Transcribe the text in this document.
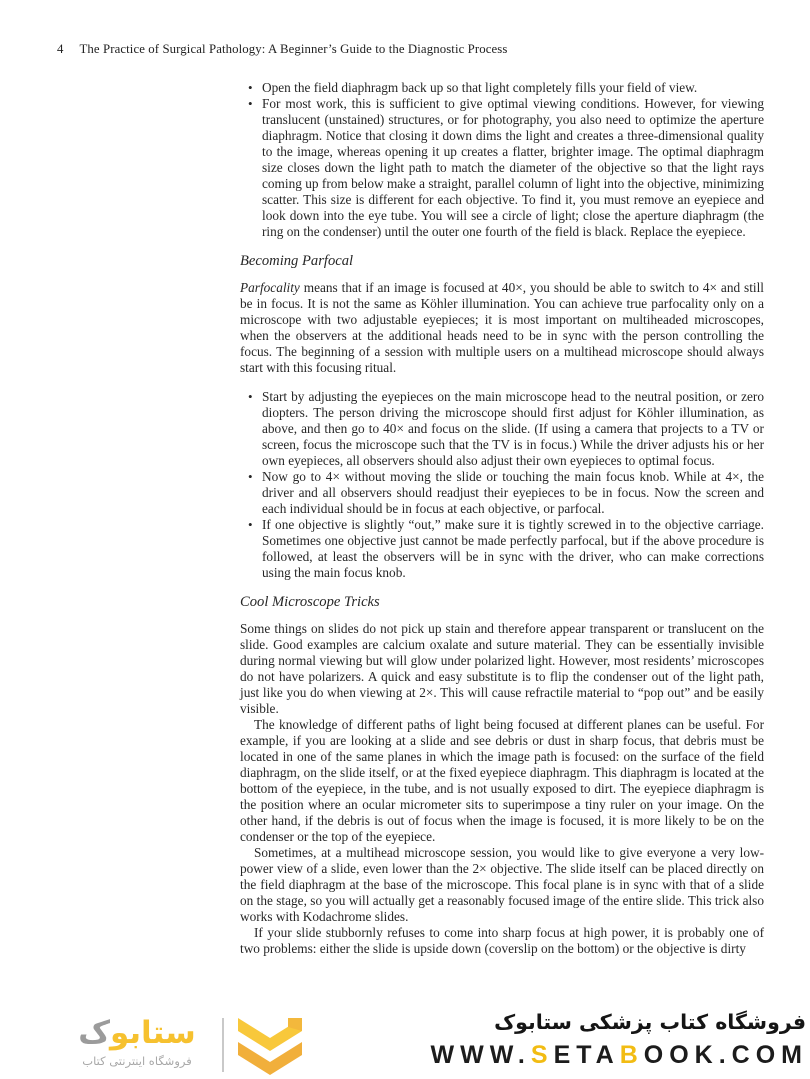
4 The Practice of Surgical Pathology: A Beginner’s Guide to the Diagnostic Process
• Open the field diaphragm back up so that light completely fills your field of view.
• For most work, this is sufficient to give optimal viewing conditions. However, for viewing translucent (unstained) structures, or for photography, you also need to optimize the aperture diaphragm. Notice that closing it down dims the light and creates a three-dimensional quality to the image, whereas opening it up creates a flatter, brighter image. The optimal diaphragm size closes down the light path to match the diameter of the objective so that the light rays coming up from below make a straight, parallel column of light into the objective, minimizing scatter. This size is different for each objective. To find it, you must remove an eyepiece and look down into the eye tube. You will see a circle of light; close the aperture diaphragm (the ring on the condenser) until the outer one fourth of the field is black. Replace the eyepiece.
Becoming Parfocal

Parfocality means that if an image is focused at 40×, you should be able to switch to 4× and still be in focus. It is not the same as Köhler illumination. You can achieve true parfocality only on a microscope with two adjustable eyepieces; it is most important on multiheaded microscopes, when the observers at the additional heads need to be in sync with the person controlling the focus. The beginning of a session with multiple users on a multihead microscope should always start with this focusing ritual.

• Start by adjusting the eyepieces on the main microscope head to the neutral position, or zero diopters. The person driving the microscope should first adjust for Köhler illumination, as above, and then go to 40× and focus on the slide. (If using a camera that projects to a TV or screen, focus the microscope such that the TV is in focus.) While the driver adjusts his or her own eyepieces, all observers should also adjust their own eyepieces to optimal focus.
• Now go to 4× without moving the slide or touching the main focus knob. While at 4×, the driver and all observers should readjust their eyepieces to be in focus. Now the screen and each individual should be in focus at each objective, or parfocal.
• If one objective is slightly “out,” make sure it is tightly screwed in to the objective carriage. Sometimes one objective just cannot be made perfectly parfocal, but if the above procedure is followed, at least the observers will be in sync with the driver, who can make corrections using the main focus knob.
Cool Microscope Tricks

Some things on slides do not pick up stain and therefore appear transparent or translucent on the slide. Good examples are calcium oxalate and suture material. They can be essentially invisible during normal viewing but will glow under polarized light. However, most residents’ microscopes do not have polarizers. A quick and easy substitute is to flip the condenser out of the light path, just like you do when viewing at 2×. This will cause refractile material to “pop out” and be easily visible.

The knowledge of different paths of light being focused at different planes can be useful. For example, if you are looking at a slide and see debris or dust in sharp focus, that debris must be located in one of the same planes in which the image path is focused: on the surface of the field diaphragm, on the slide itself, or at the fixed eyepiece diaphragm. This diaphragm is located at the bottom of the eyepiece, in the tube, and is not usually exposed to dirt. The eyepiece diaphragm is the position where an ocular micrometer sits to superimpose a tiny ruler on your image. On the other hand, if the debris is out of focus when the image is focused, it is more likely to be on the condenser or the top of the eyepiece.

Sometimes, at a multihead microscope session, you would like to give everyone a very low-power view of a slide, even lower than the 2× objective. The slide itself can be placed directly on the field diaphragm at the base of the microscope. This focal plane is in sync with that of a slide on the stage, so you will actually get a reasonably focused image of the entire slide. This trick also works with Kodachrome slides.

If your slide stubbornly refuses to come into sharp focus at high power, it is probably one of two problems: either the slide is upside down (coverslip on the bottom) or the objective is dirty

ستابوک
فروشگاه اینترنتی کتاب
فروشگاه کتاب پزشکی ستابوک
WWW.SETABOOK.COM
